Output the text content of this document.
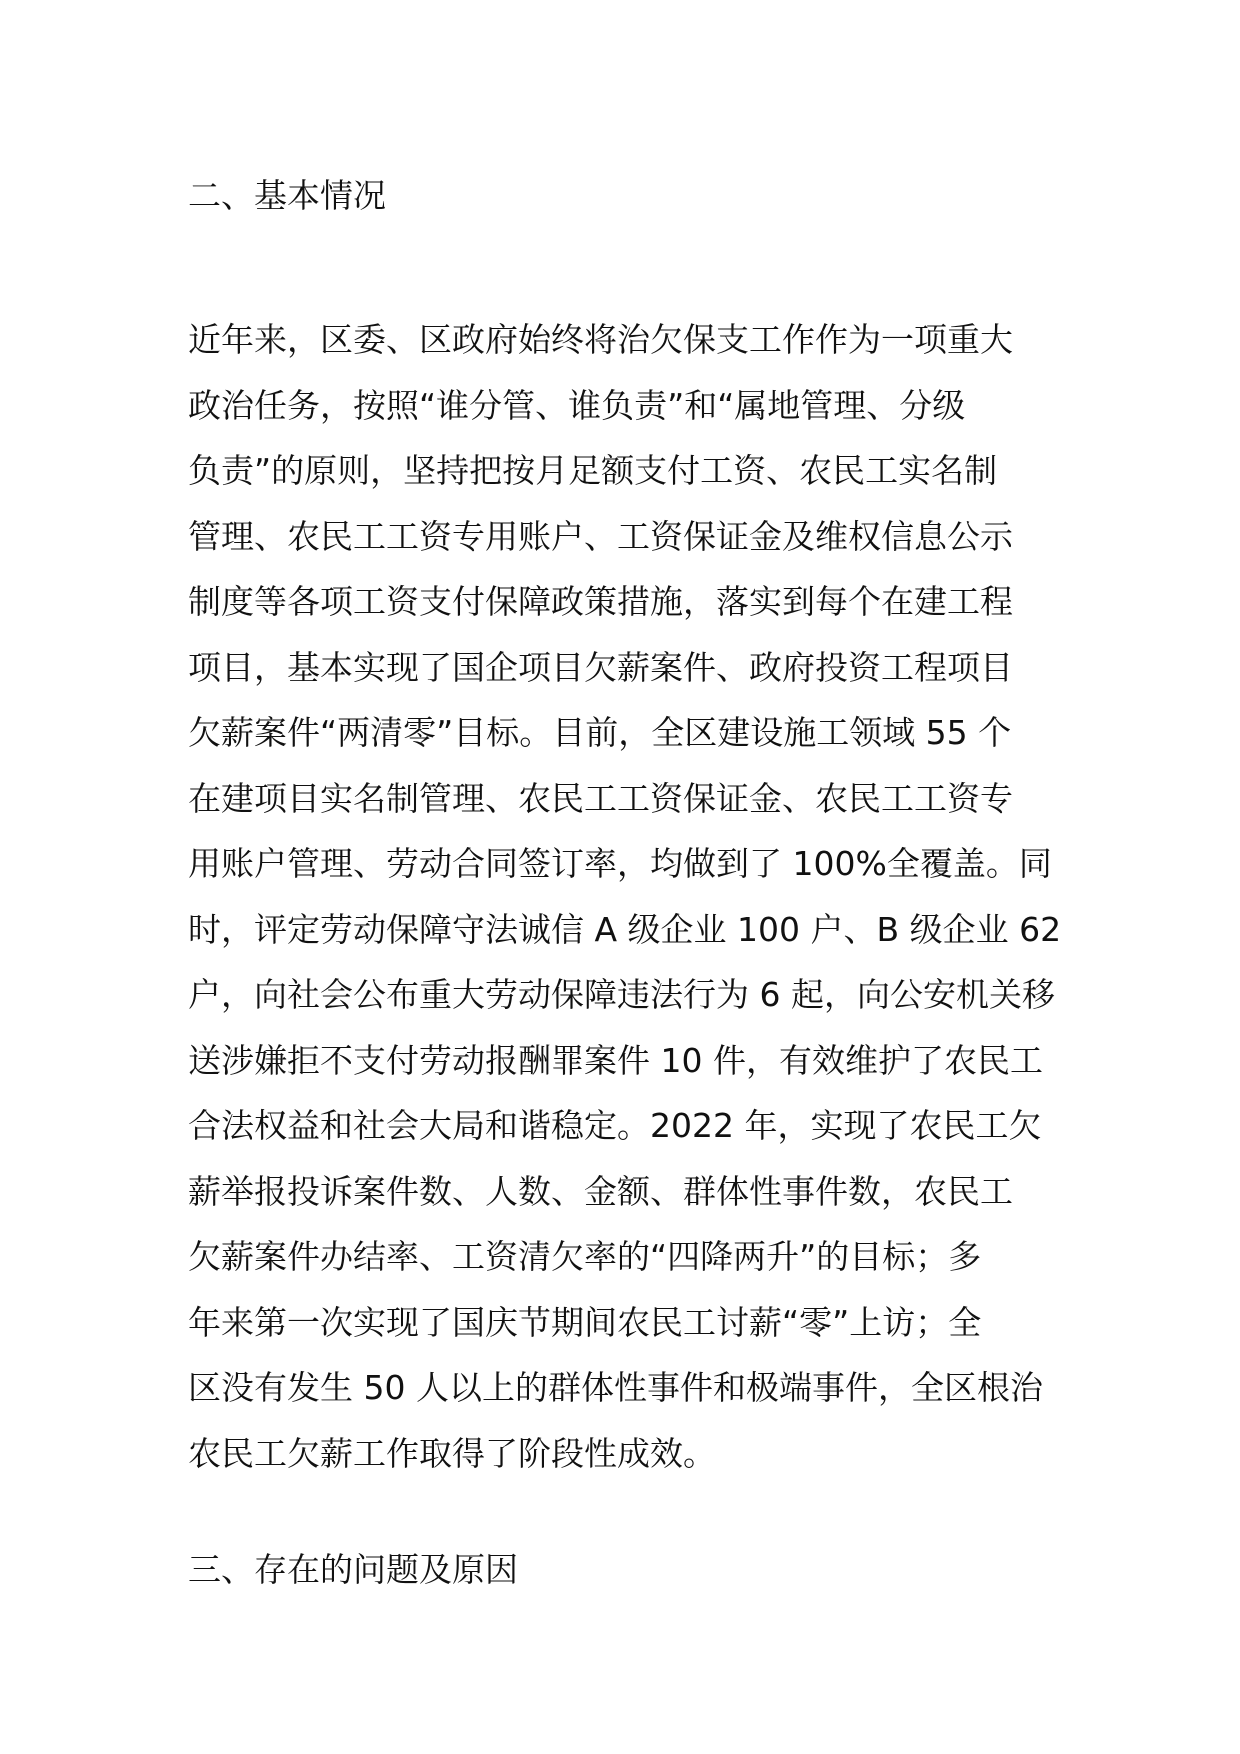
二、基本情况
近年来，区委、区政府始终将治欠保支工作作为一项重大
政治任务，按照“谁分管、谁负责”和“属地管理、分级
负责”的原则，坚持把按月足额支付工资、农民工实名制
管理、农民工工资专用账户、工资保证金及维权信息公示
制度等各项工资支付保障政策措施，落实到每个在建工程
项目，基本实现了国企项目欠薪案件、政府投资工程项目
欠薪案件“两清零”目标。目前，全区建设施工领域 55 个
在建项目实名制管理、农民工工资保证金、农民工工资专
用账户管理、劳动合同签订率，均做到了 100%全覆盖。同
时，评定劳动保障守法诚信 A 级企业 100 户、B 级企业 62
户，向社会公布重大劳动保障违法行为 6 起，向公安机关移
送涉嫌拒不支付劳动报酬罪案件 10 件，有效维护了农民工
合法权益和社会大局和谐稳定。2022 年，实现了农民工欠
薪举报投诉案件数、人数、金额、群体性事件数，农民工
欠薪案件办结率、工资清欠率的“四降两升”的目标；多
年来第一次实现了国庆节期间农民工讨薪“零”上访；全
区没有发生 50 人以上的群体性事件和极端事件，全区根治
农民工欠薪工作取得了阶段性成效。
三、存在的问题及原因
